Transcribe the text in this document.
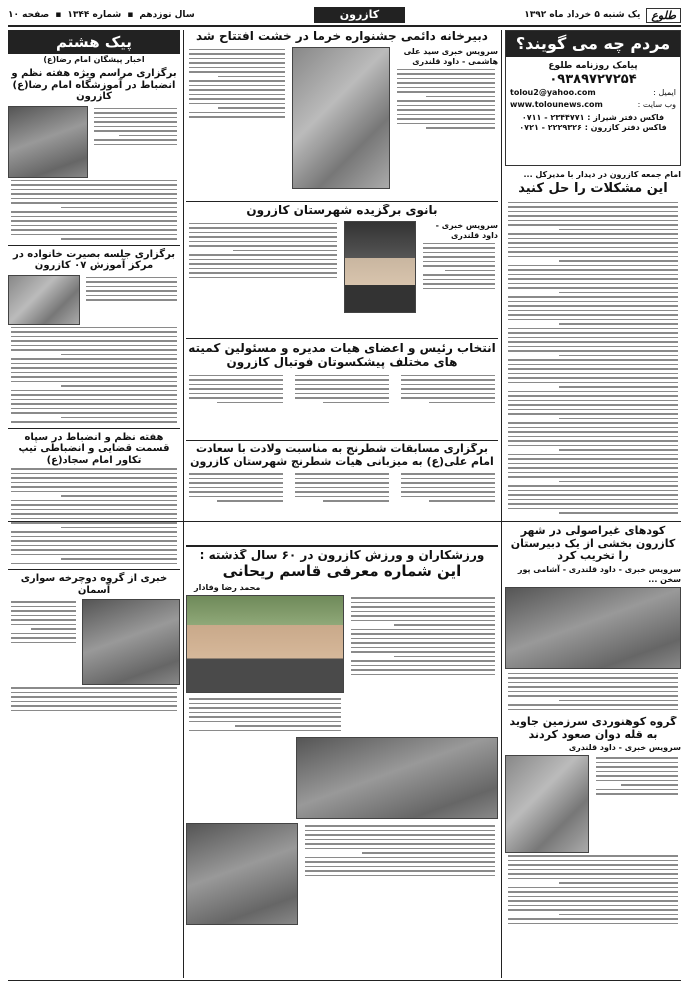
طلوع
یک شنبه ۵ خرداد ماه ۱۳۹۲
کازرون
سال نوزدهم
▪
شماره ۱۳۴۴
▪
صفحه ۱۰
مردم چه می گویند؟
پیامک روزنامه طلوع
۰۹۳۸۹۷۲۷۲۵۴
ایمیل :
tolou2@yahoo.com
وب سایت :
www.tolounews.com
فاکس دفتر شیراز : ۲۳۴۴۷۷۱ - ۰۷۱۱
فاکس دفتر کازرون : ۲۲۲۹۳۲۶ - ۰۷۲۱
امام جمعه کازرون در دیدار با مدیرکل ...
این مشکلات را حل کنید
کودهای غیراصولی در شهر کازرون بخشی از یک دبیرستان را تخریب کرد
سرویس خبری - داود قلندری - آشامی پور سخن ...
گروه کوهنوردی سرزمین جاوید به قله دوان صعود کردند
سرویس خبری - داود قلندری
دبیرخانه دائمی جشنواره خرما در خشت افتتاح شد
سرویس خبری سید علی هاشمی - داود قلندری
بانوی برگزیده شهرستان کازرون
سرویس خبری - داود قلندری
انتخاب رئیس و اعضای هیات مدیره و مسئولین کمیته های مختلف پیشکسوتان فوتبال کازرون
برگزاری مسابقات شطرنج به مناسبت ولادت با سعادت امام علی(ع) به میزبانی هیات شطرنج شهرستان کازرون
ورزشکاران و ورزش کازرون در ۶۰ سال گذشته :
این شماره معرفی قاسم ریحانی
محمد رضا وفادار
پیک هشتم
اخبار پیشگان امام رضا(ع)
برگزاری مراسم ویژه هفته نظم و انضباط در آموزشگاه امام رضا(ع) کازرون
برگزاری جلسه بصیرت خانواده در مرکز آموزش ۰۷ کازرون
هفته نظم و انضباط در سپاه قسمت قضایی و انضباطی تیپ تکاور امام سجاد(ع)
خبری از گروه دوچرخه سواری آسمان
